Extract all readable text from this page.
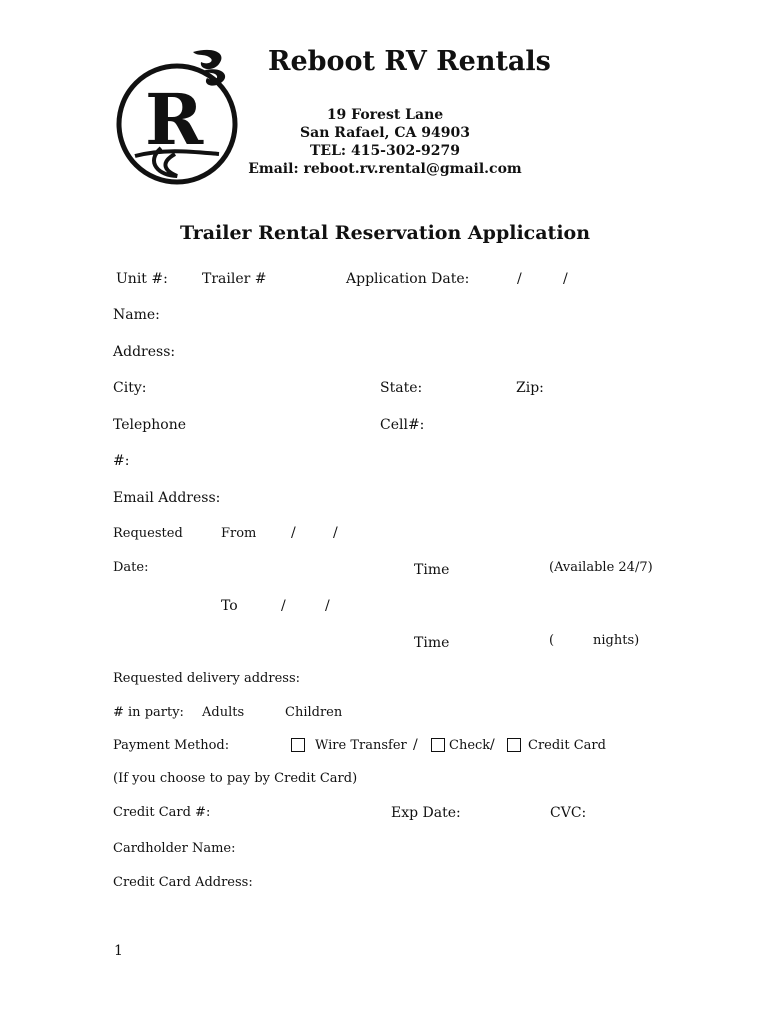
R
Reboot RV Rentals
19 Forest Lane
San Rafael, CA 94903
TEL: 415-302-9279
Email: reboot.rv.rental@gmail.com
Trailer Rental Reservation Application
Unit #: Trailer #	Application Date:	/	/
Name:
Address:
City:	State:	Zip:
Telephone	Cell#:
#:
Email Address:
Requested	From /	/
Date:	Time	(Available 24/7)
To	/	/
Time	(	nights)
Requested delivery address:
# in party: Adults	Children
Payment Method:	Wire Transfer / Check /	Credit Card
(If you choose to pay by Credit Card)
Credit Card #:	Exp Date:	CVC:
Cardholder Name:
Credit Card Address:
1
